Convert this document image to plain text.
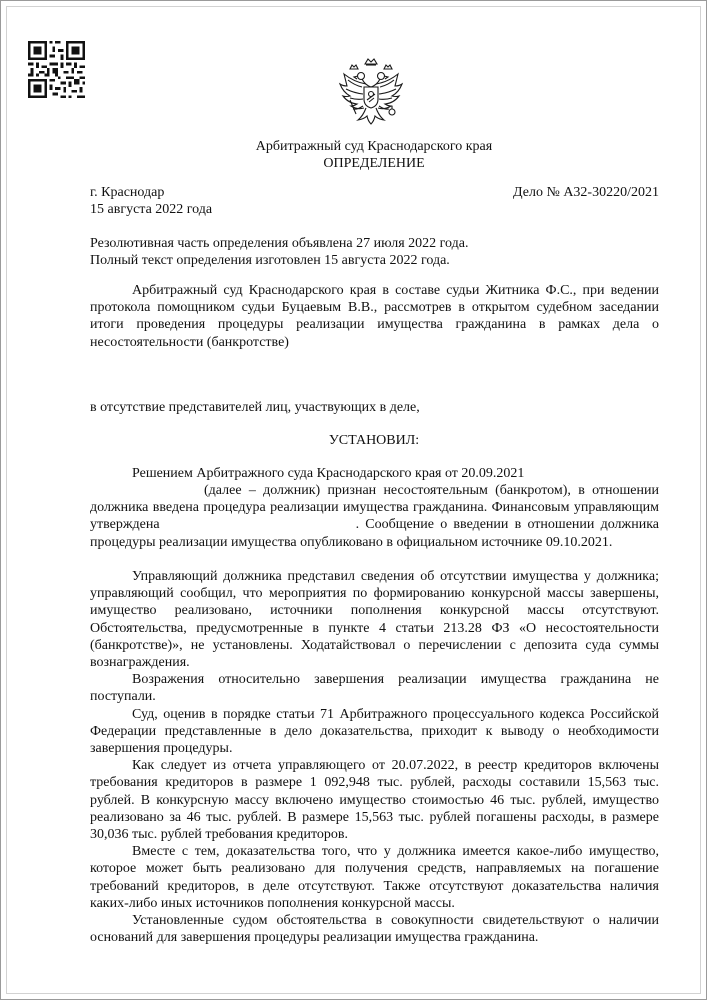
Арбитражный суд Краснодарского края
ОПРЕДЕЛЕНИЕ
г. Краснодар
15 августа 2022 года
Дело № А32-30220/2021
Резолютивная часть определения объявлена 27 июля 2022 года.
Полный текст определения изготовлен 15 августа 2022 года.

Арбитражный суд Краснодарского края в составе судьи Житника Ф.С., при ведении протокола помощником судьи Буцаевым В.В., рассмотрев в открытом судебном заседании итоги проведения процедуры реализации имущества гражданина в рамках дела о несостоятельности (банкротстве)

в отсутствие представителей лиц, участвующих в деле,
УСТАНОВИЛ:
Решением Арбитражного суда Краснодарского края от 20.09.2021

(далее – должник) признан несостоятельным (банкротом), в отношении должника введена процедура реализации имущества гражданина. Финансовым управляющим утверждена	. Сообщение о введении в отношении должника процедуры реализации имущества опубликовано в официальном источнике 09.10.2021.

Управляющий должника представил сведения об отсутствии имущества у должника; управляющий сообщил, что мероприятия по формированию конкурсной массы завершены, имущество реализовано, источники пополнения конкурсной массы отсутствуют. Обстоятельства, предусмотренные в пункте 4 статьи 213.28 ФЗ «О несостоятельности (банкротстве)», не установлены. Ходатайствовал о перечислении с депозита суда суммы вознаграждения.

Возражения относительно завершения реализации имущества гражданина не поступали.

Суд, оценив в порядке статьи 71 Арбитражного процессуального кодекса Российской Федерации представленные в дело доказательства, приходит к выводу о необходимости завершения процедуры.

Как следует из отчета управляющего от 20.07.2022, в реестр кредиторов включены требования кредиторов в размере 1 092,948 тыс. рублей, расходы составили 15,563 тыс. рублей. В конкурсную массу включено имущество стоимостью 46 тыс. рублей, имущество реализовано за 46 тыс. рублей. В размере 15,563 тыс. рублей погашены расходы, в размере 30,036 тыс. рублей требования кредиторов.

Вместе с тем, доказательства того, что у должника имеется какое-либо имущество, которое может быть реализовано для получения средств, направляемых на погашение требований кредиторов, в деле отсутствуют. Также отсутствуют доказательства наличия каких-либо иных источников пополнения конкурсной массы.

Установленные судом обстоятельства в совокупности свидетельствуют о наличии оснований для завершения процедуры реализации имущества гражданина.
